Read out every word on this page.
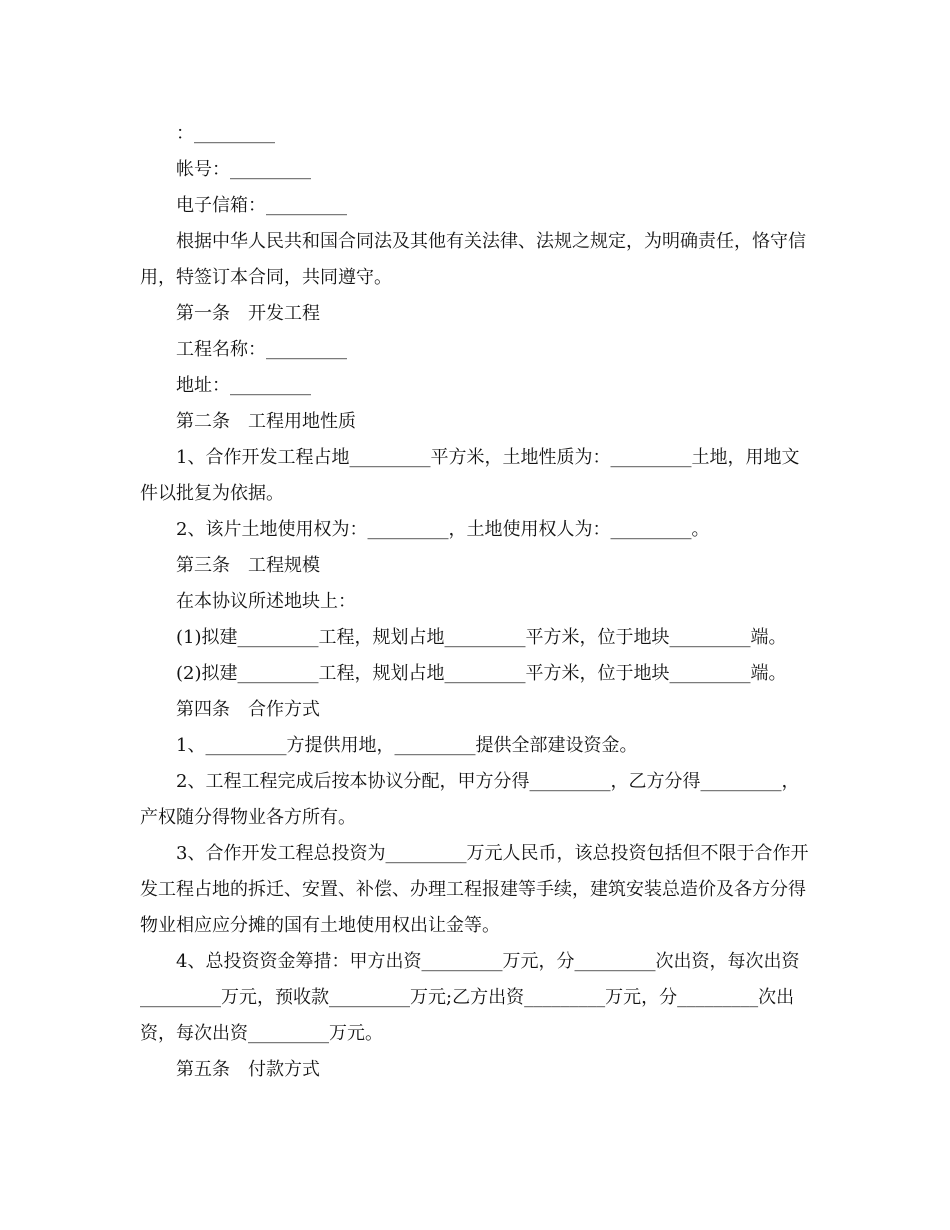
：_________

帐号：_________

电子信箱：_________

根据中华人民共和国合同法及其他有关法律、法规之规定，为明确责任，恪守信用，特签订本合同，共同遵守。

第一条　开发工程

工程名称：_________

地址：_________

第二条　工程用地性质

1、合作开发工程占地_________平方米，土地性质为：_________土地，用地文件以批复为依据。

2、该片土地使用权为：_________，土地使用权人为：_________。

第三条　工程规模

在本协议所述地块上：

(1)拟建_________工程，规划占地_________平方米，位于地块_________端。

(2)拟建_________工程，规划占地_________平方米，位于地块_________端。

第四条　合作方式

1、_________方提供用地，_________提供全部建设资金。

2、工程工程完成后按本协议分配，甲方分得_________，乙方分得_________，产权随分得物业各方所有。

3、合作开发工程总投资为_________万元人民币，该总投资包括但不限于合作开发工程占地的拆迁、安置、补偿、办理工程报建等手续，建筑安装总造价及各方分得物业相应应分摊的国有土地使用权出让金等。

4、总投资资金筹措：甲方出资_________万元，分_________次出资，每次出资_________万元，预收款_________万元;乙方出资_________万元，分_________次出资，每次出资_________万元。

第五条　付款方式
